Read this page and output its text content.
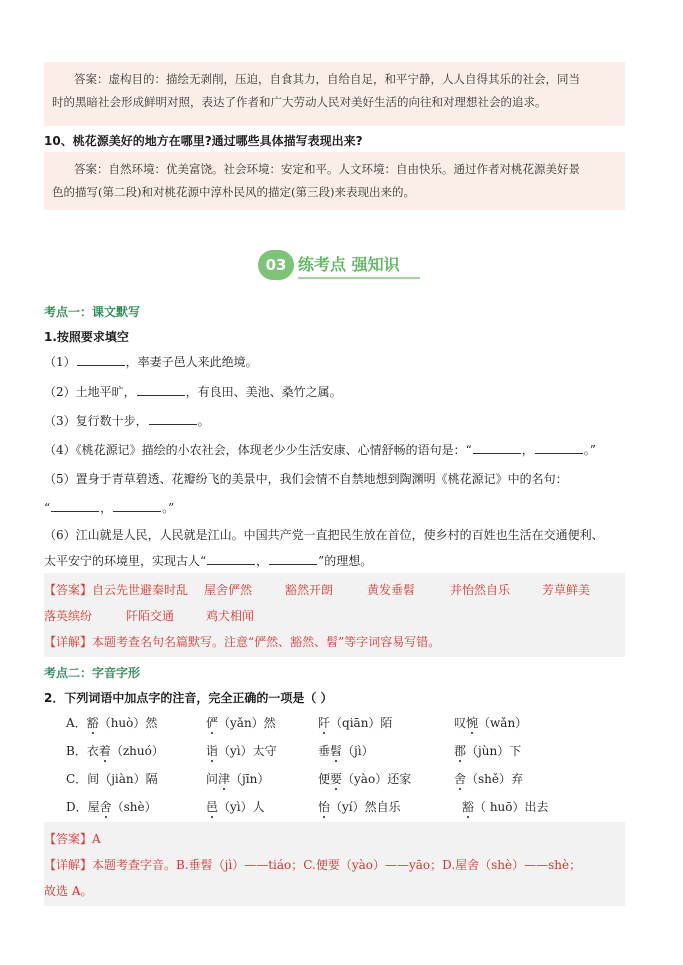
答案：虚构目的：描绘无剥削，压迫，自食其力，自给自足，和平宁静，人人自得其乐的社会，同当

时的黑暗社会形成鲜明对照，表达了作者和广大劳动人民对美好生活的向往和对理想社会的追求。

10、桃花源美好的地方在哪里?通过哪些具体描写表现出来?

答案：自然环境：优美富饶。社会环境：安定和平。人文环境：自由快乐。通过作者对桃花源美好景

色的描写(第二段)和对桃花源中淳朴民风的描定(第三段)来表现出来的。

03 练考点 强知识
考点一：课文默写
1.按照要求填空
（1）	，率妻子邑人来此绝境。
（2）土地平旷，	，有良田、美池、桑竹之属。
（3）复行数十步，	。
（4）《桃花源记》描绘的小农社会，体现老少少生活安康、心情舒畅的语句是：“	，	。”
（5）置身于青草碧透、花瓣纷飞的美景中，我们会情不自禁地想到陶渊明《桃花源记》中的名句：
“	，	。”
（6）江山就是人民，人民就是江山。中国共产党一直把民生放在首位，使乡村的百姓也生活在交通便利、
太平安宁的环境里，实现古人“	，	”的理想。
【答案】自云先世避秦时乱 屋舍俨然	豁然开朗	黄发垂髫	并怡然自乐	芳草鲜美
落英缤纷	阡陌交通	鸡犬相闻
【详解】本题考查名句名篇默写。注意“俨然、豁然、髫”等字词容易写错。
考点二：字音字形
2．下列词语中加点字的注音，完全正确的一项是（ ）
A．豁（huò）然	俨（yǎn）然	阡（qiān）陌	叹惋（wǎn）
B．衣着（zhuó）	诣（yì）太守	垂髫（jì）	郡（jùn）下
C．间（jiàn）隔	问津（jīn）	便要（yào）还家	舍（shě）弃
D．屋舍（shè）	邑（yì）人	怡（yí）然自乐	豁（ huō）出去
【答案】A
【详解】本题考查字音。B.垂髫（jì）——tiáo；C.便要（yào）——yāo；D.屋舍（shè）——shè；
故选 A。
